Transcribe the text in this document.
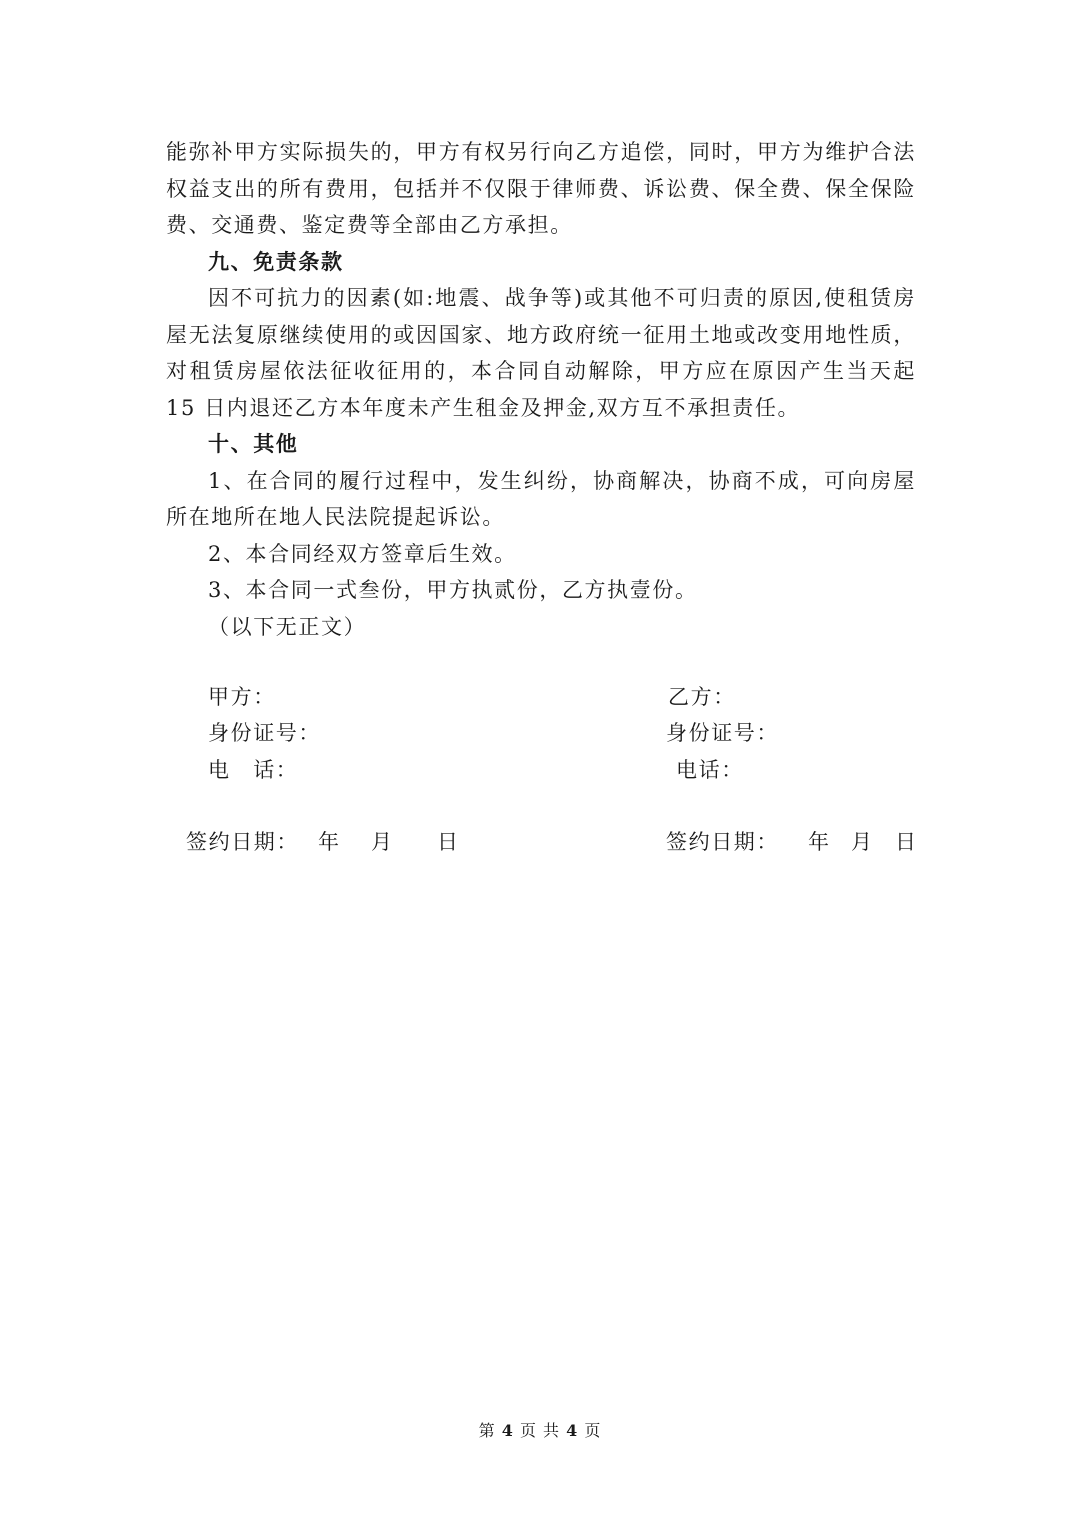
能弥补甲方实际损失的，甲方有权另行向乙方追偿，同时，甲方为维护合法权益支出的所有费用，包括并不仅限于律师费、诉讼费、保全费、保全保险费、交通费、鉴定费等全部由乙方承担。

九、免责条款

因不可抗力的因素(如:地震、战争等)或其他不可归责的原因,使租赁房屋无法复原继续使用的或因国家、地方政府统一征用土地或改变用地性质，对租赁房屋依法征收征用的，本合同自动解除，甲方应在原因产生当天起 15 日内退还乙方本年度未产生租金及押金,双方互不承担责任。

十、其他

1、在合同的履行过程中，发生纠纷，协商解决，协商不成，可向房屋所在地所在地人民法院提起诉讼。

2、本合同经双方签章后生效。

3、本合同一式叁份，甲方执贰份，乙方执壹份。

（以下无正文）

甲方：
身份证号：
电　话：
乙方：
身份证号：
电话：
签约日期： 年 月 日	签约日期： 年 月 日
第 4 页 共 4 页
